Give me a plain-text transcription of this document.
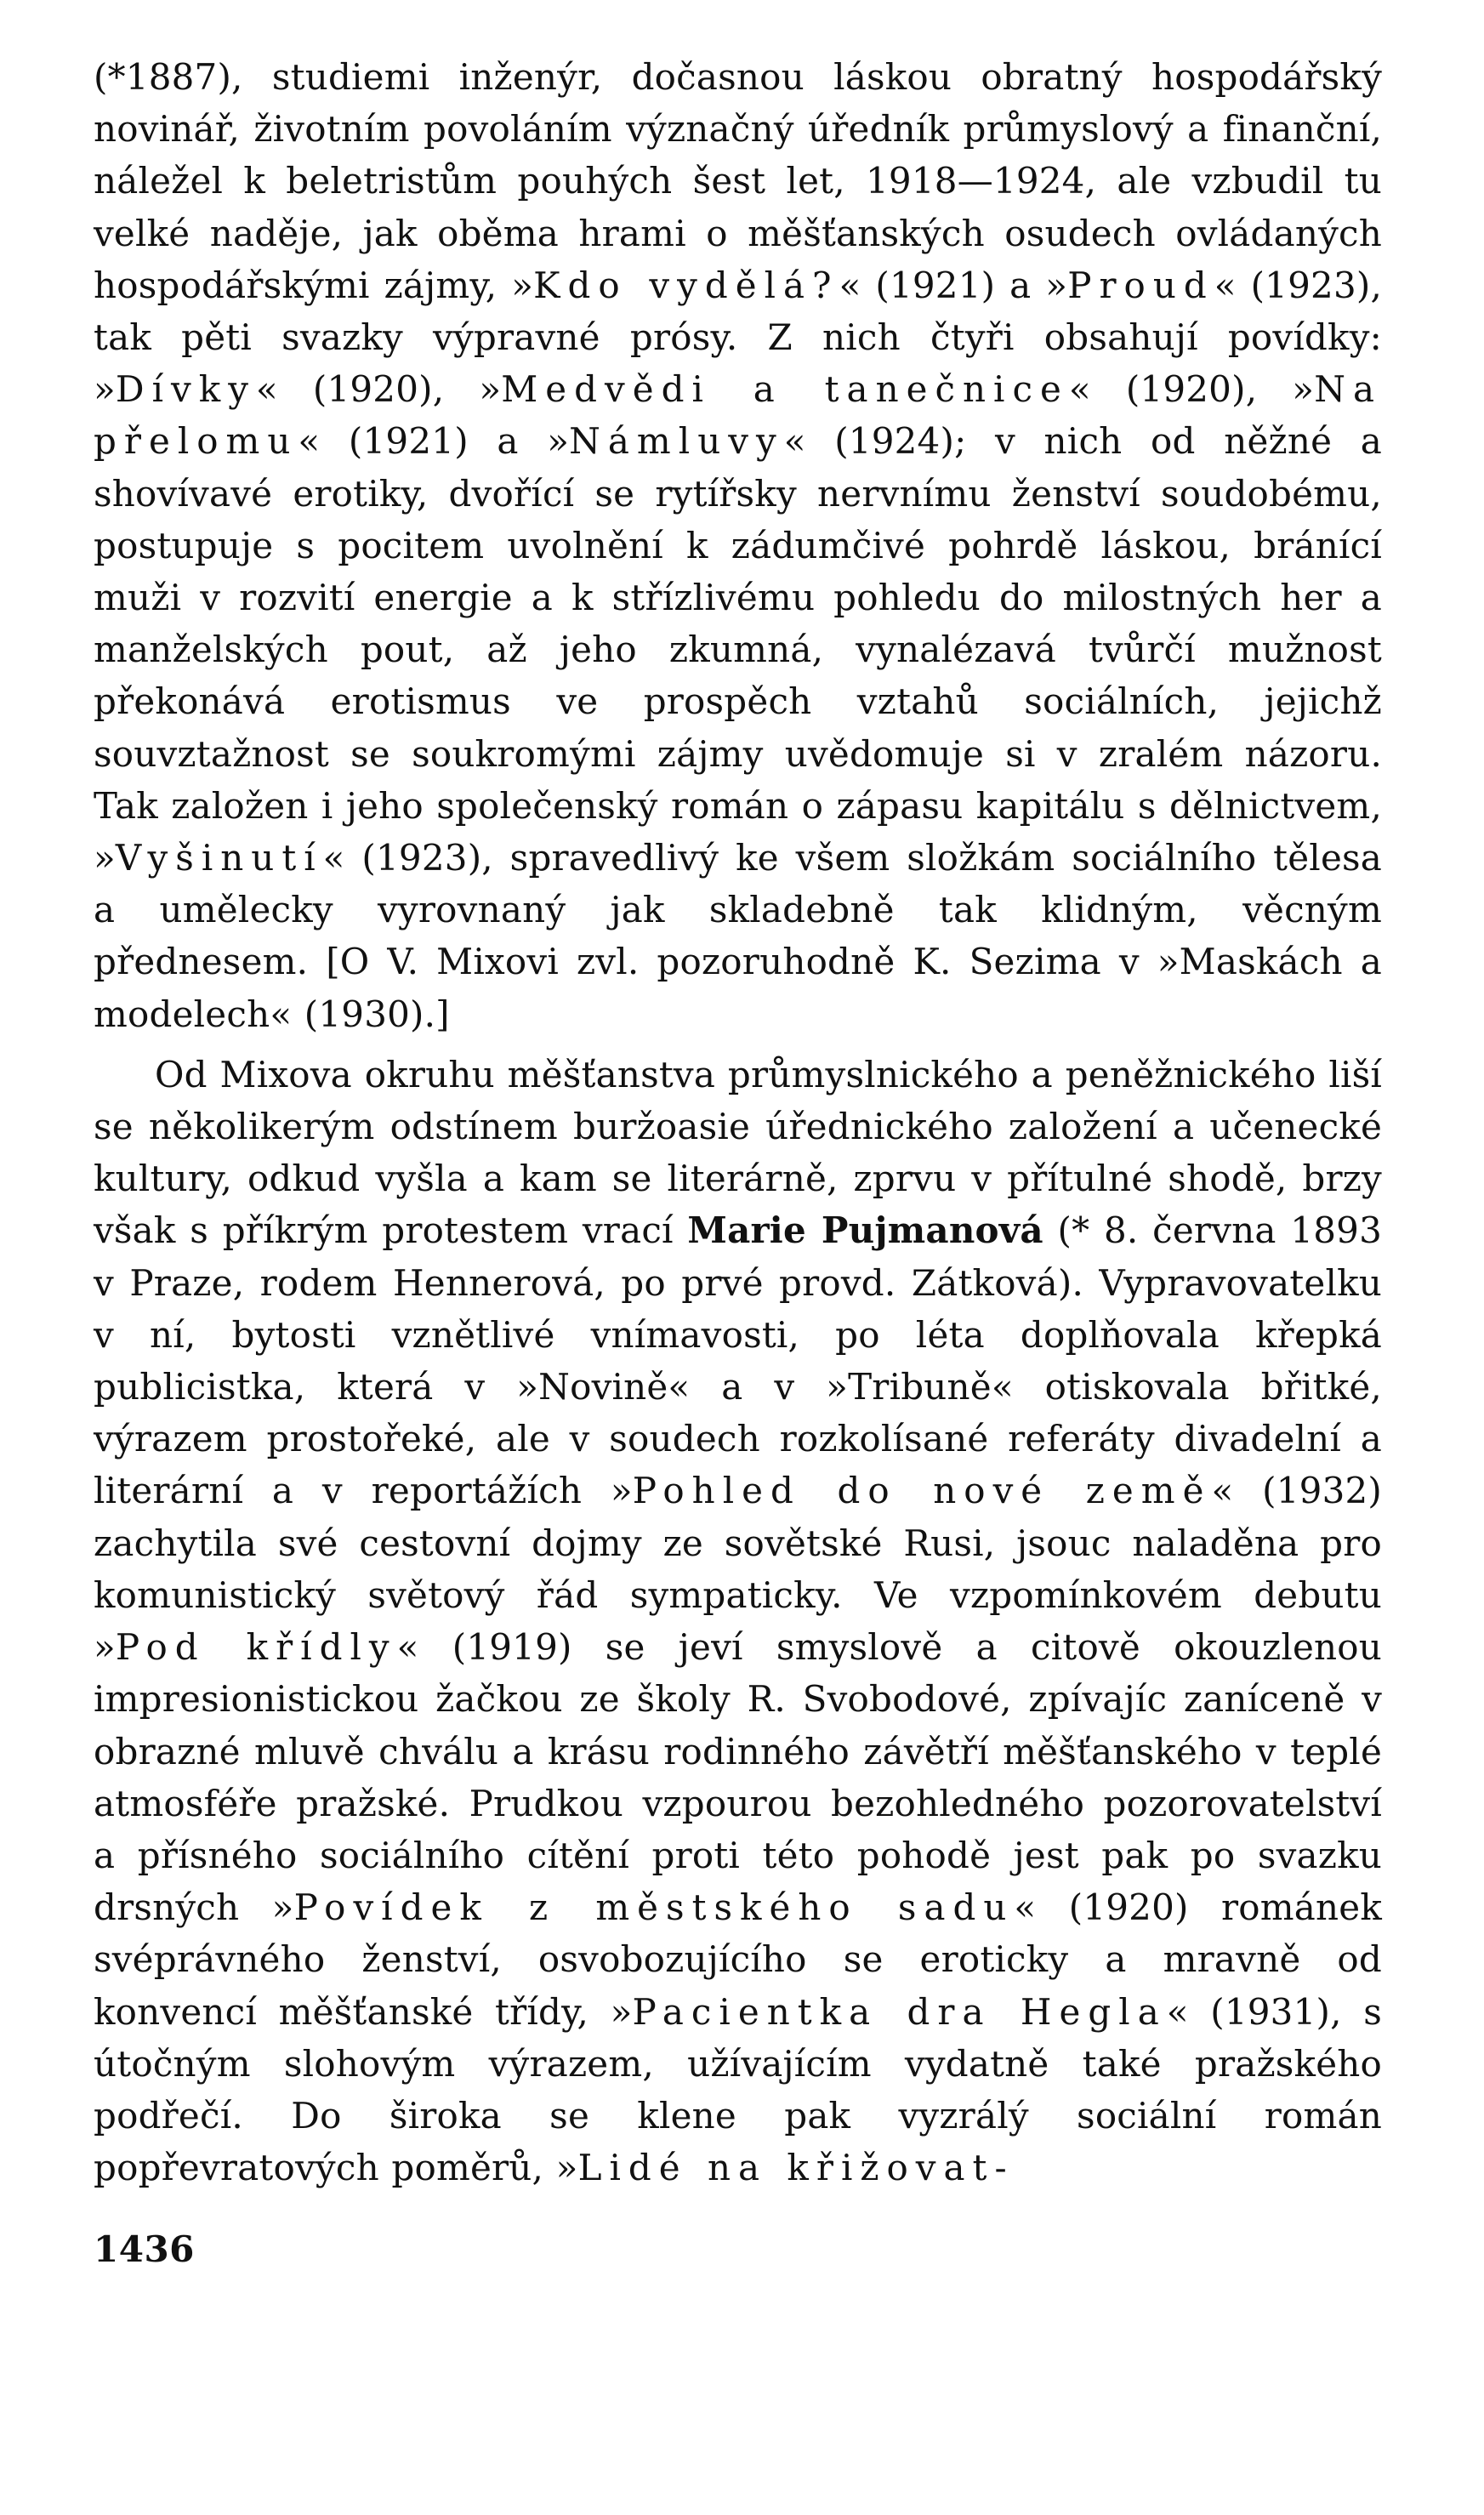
(*1887), studiemi inženýr, dočasnou láskou obratný hospodářský novinář, životním povoláním význačný úředník průmyslový a finanční, náležel k beletristům pouhých šest let, 1918—1924, ale vzbudil tu velké naděje, jak oběma hrami o měšťanských osudech ovládaných hospodářskými zájmy, »Kdo vydělá?« (1921) a »Proud« (1923), tak pěti svazky výpravné prósy. Z nich čtyři obsahují povídky: »Dívky« (1920), »Medvědi a tanečnice« (1920), »Na přelomu« (1921) a »Námluvy« (1924); v nich od něžné a shovívavé erotiky, dvořící se rytířsky nervnímu ženství soudobému, postupuje s pocitem uvolnění k zádumčivé pohrdě láskou, bránící muži v rozvití energie a k střízlivému pohledu do milostných her a manželských pout, až jeho zkumná, vynalézavá tvůrčí mužnost překonává erotismus ve prospěch vztahů sociálních, jejichž souvztažnost se soukromými zájmy uvědomuje si v zralém názoru. Tak založen i jeho společenský román o zápasu kapitálu s dělnictvem, »Vyšinutí« (1923), spravedlivý ke všem složkám sociálního tělesa a umělecky vyrovnaný jak skladebně tak klidným, věcným přednesem. [O V. Mixovi zvl. pozoruhodně K. Sezima v »Maskách a modelech« (1930).]

Od Mixova okruhu měšťanstva průmyslnického a peněžnického liší se několikerým odstínem buržoasie úřednického založení a učenecké kultury, odkud vyšla a kam se literárně, zprvu v přítulné shodě, brzy však s příkrým protestem vrací Marie Pujmanová (* 8. června 1893 v Praze, rodem Hennerová, po prvé provd. Zátková). Vypravovatelku v ní, bytosti vznětlivé vnímavosti, po léta doplňovala křepká publicistka, která v »Novině« a v »Tribuně« otiskovala břitké, výrazem prostořeké, ale v soudech rozkolísané referáty divadelní a literární a v reportážích »Pohled do nové země« (1932) zachytila své cestovní dojmy ze sovětské Rusi, jsouc naladěna pro komunistický světový řád sympaticky. Ve vzpomínkovém debutu »Pod křídly« (1919) se jeví smyslově a citově okouzlenou impresionistickou žačkou ze školy R. Svobodové, zpívajíc zaníceně v obrazné mluvě chválu a krásu rodinného závětří měšťanského v teplé atmosféře pražské. Prudkou vzpourou bezohledného pozorovatelství a přísného sociálního cítění proti této pohodě jest pak po svazku drsných »Povídek z městského sadu« (1920) románek svéprávného ženství, osvobozujícího se eroticky a mravně od konvencí měšťanské třídy, »Pacientka dra Hegla« (1931), s útočným slohovým výrazem, užívajícím vydatně také pražského podřečí. Do široka se klene pak vyzrálý sociální román popřevratových poměrů, »Lidé na křižovat-

1436
